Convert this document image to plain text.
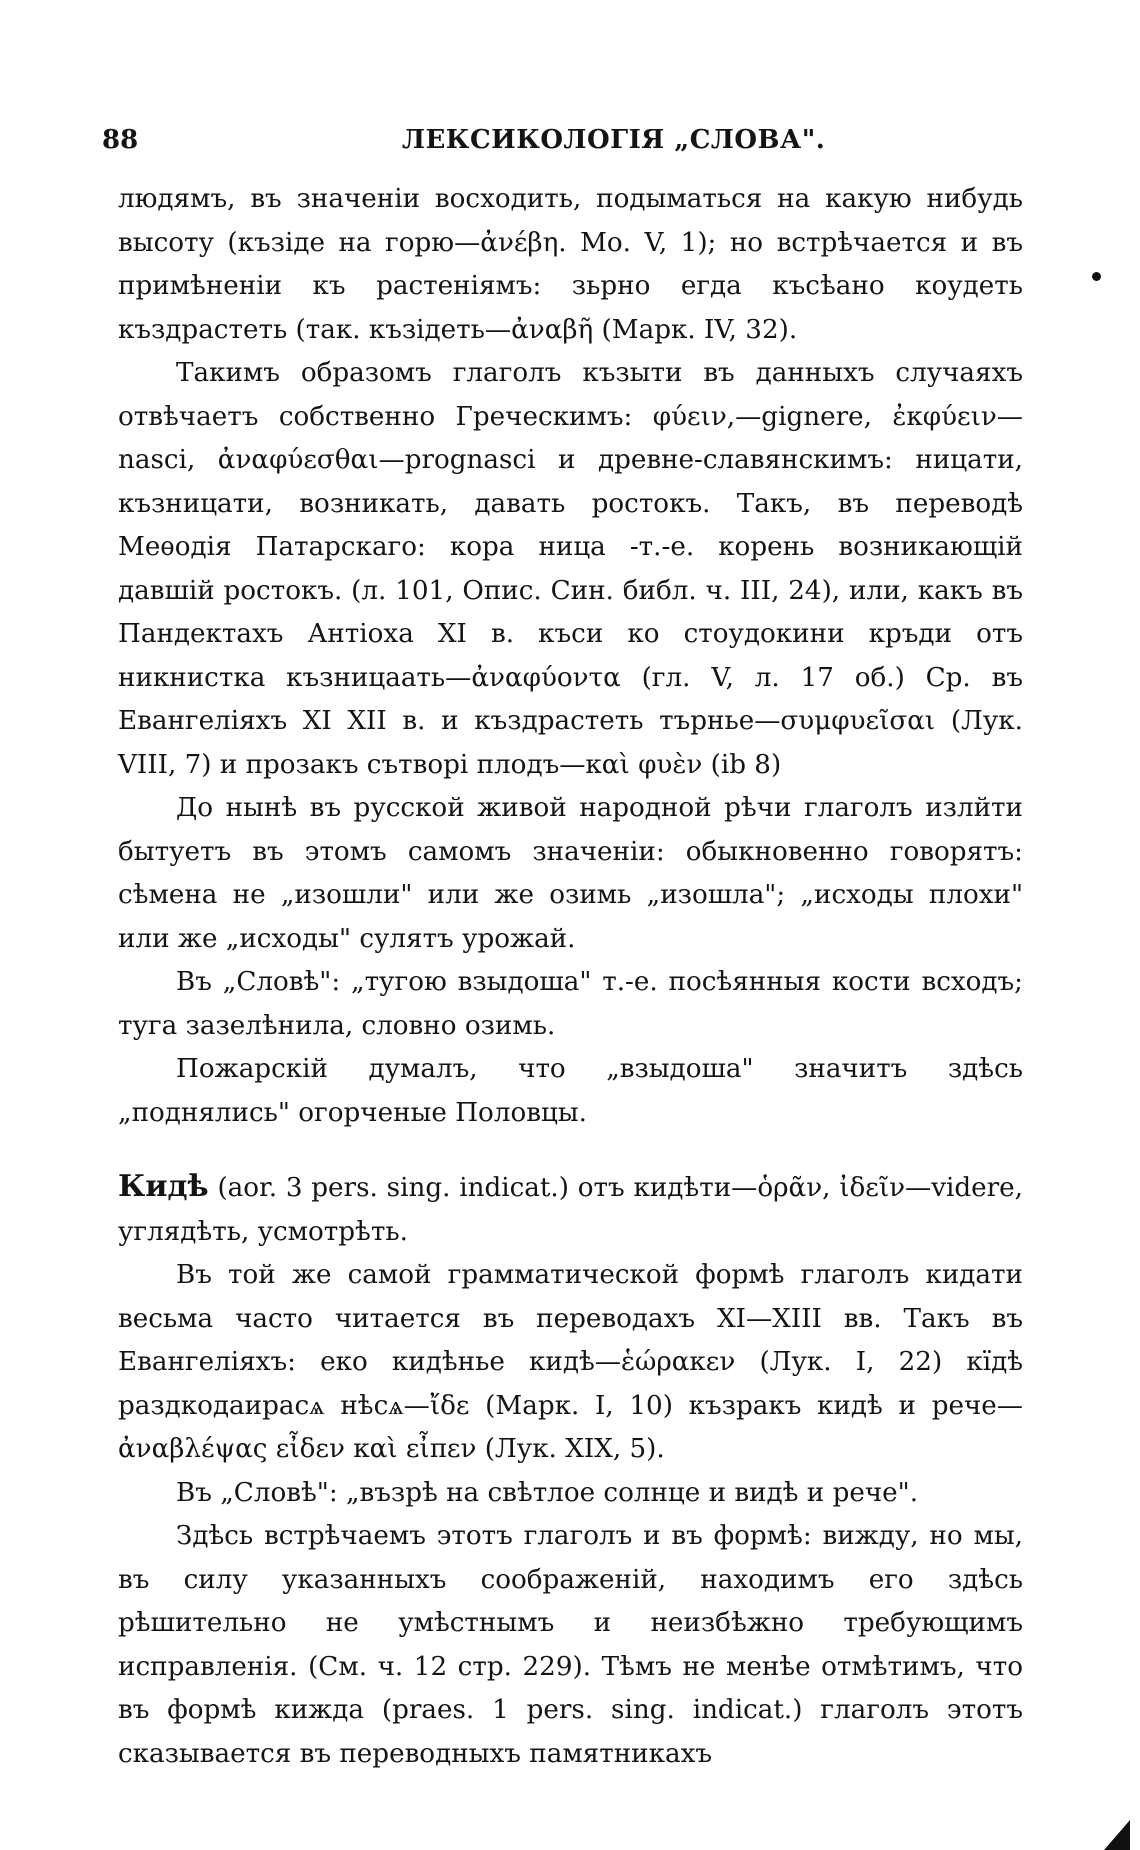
88	ЛЕКСИКОЛОГІЯ „СЛОВА".

людямъ, въ значеніи восходить, подыматься на какую нибудь высоту (къзіде на горю—ἀνέβη. Мо. V, 1); но встрѣчается и въ примѣненіи къ растеніямъ: зьрно егда късѣано коудеть къздрастеть (так. къзідеть—ἀναβῆ (Марк. IV, 32).

Такимъ образомъ глаголъ къзыти въ данныхъ случаяхъ отвѣчаетъ собственно Греческимъ: φύειν,—gignere, ἐκφύειν—nasci, ἀναφύεσθαι—prognasci и древне-славянскимъ: ницати, къзницати, возникать, давать ростокъ. Такъ, въ переводѣ Меѳодія Патарскаго: кора ница -т.-е. корень возникающій давшій ростокъ. (л. 101, Опис. Син. библ. ч. III, 24), или, какъ въ Пандектахъ Антіоха XI в. къси ко стоудокини кръди отъ никнистка къзницаать—ἀναφύοντα (гл. V, л. 17 об.) Ср. въ Евангеліяхъ XI XII в. и къздрастеть търнье—συμφυεῖσαι (Лук. VIII, 7) и прозакъ сътворі плодъ—καὶ φυὲν (ib 8)

До нынѣ въ русской живой народной рѣчи глаголъ излйти бытуетъ въ этомъ самомъ значеніи: обыкновенно говорятъ: сѣмена не „изошли" или же озимь „изошла"; „исходы плохи" или же „исходы" сулятъ урожай.

Въ „Словѣ": „тугою взыдоша" т.-е. посѣянныя кости всходъ; туга зазелѣнила, словно озимь.

Пожарскій думалъ, что „взыдоша" значитъ здѣсь „поднялись" огорченые Половцы.

Кидѣ (aor. 3 pers. sing. indicat.) отъ кидѣти—ὁρᾶν, ἰδεῖν—videre, углядѣть, усмотрѣть.

Въ той же самой грамматической формѣ глаголъ кидати весьма часто читается въ переводахъ XI—XIII вв. Такъ въ Евангеліяхъ: еко кидѣнье кидѣ—ἑώρακεν (Лук. I, 22) кїдѣ раздкодаирасѧ нѣсѧ—ἴδε (Марк. I, 10) къзракъ кидѣ и рече—ἀναβλέψας εἶδεν καὶ εἶπεν (Лук. XIX, 5).

Въ „Словѣ": „възрѣ на свѣтлое солнце и видѣ и рече".

Здѣсь встрѣчаемъ этотъ глаголъ и въ формѣ: вижду, но мы, въ силу указанныхъ соображеній, находимъ его здѣсь рѣшительно не умѣстнымъ и неизбѣжно требующимъ исправленія. (См. ч. 12 стр. 229). Тѣмъ не менѣе отмѣтимъ, что въ формѣ кижда (praes. 1 pers. sing. indicat.) глаголъ этотъ сказывается въ переводныхъ памятникахъ
